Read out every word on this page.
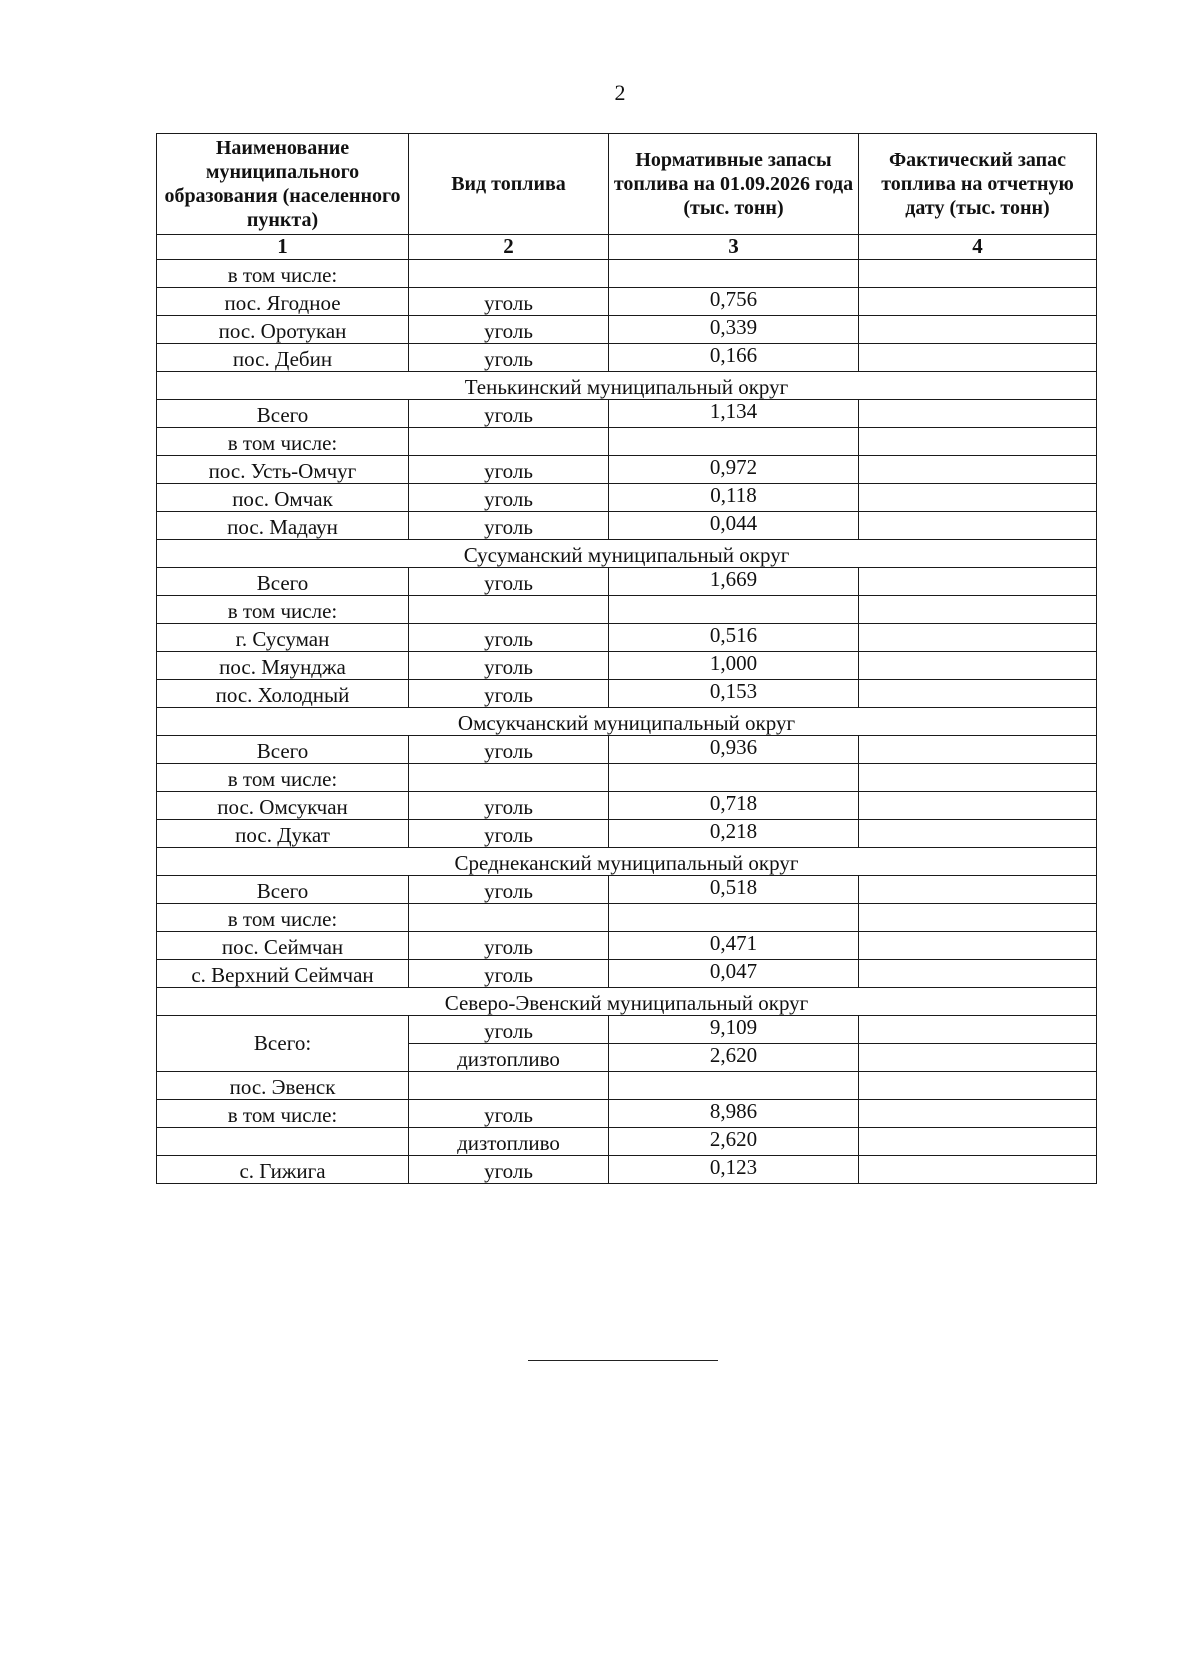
2
Наименование муниципального образования (населенного пункта)	Вид топлива	Нормативные запасы топлива на 01.09.2026 года (тыс. тонн)	Фактический запас топлива на отчетную дату (тыс. тонн)
1	2	3	4
в том числе:			
пос. Ягодное	уголь	0,756	
пос. Оротукан	уголь	0,339	
пос. Дебин	уголь	0,166	
Тенькинский муниципальный округ			
Всего	уголь	1,134	
в том числе:			
пос. Усть-Омчуг	уголь	0,972	
пос. Омчак	уголь	0,118	
пос. Мадаун	уголь	0,044	
Сусуманский муниципальный округ			
Всего	уголь	1,669	
в том числе:			
г. Сусуман	уголь	0,516	
пос. Мяунджа	уголь	1,000	
пос. Холодный	уголь	0,153	
Омсукчанский муниципальный округ			
Всего	уголь	0,936	
в том числе:			
пос. Омсукчан	уголь	0,718	
пос. Дукат	уголь	0,218	
Среднеканский муниципальный округ			
Всего	уголь	0,518	
в том числе:			
пос. Сеймчан	уголь	0,471	
с. Верхний Сеймчан	уголь	0,047	
Северо-Эвенский муниципальный округ			
Всего:	уголь	9,109	
	дизтопливо	2,620	
пос. Эвенск			
в том числе:	уголь	8,986	
	дизтопливо	2,620	
с. Гижига	уголь	0,123	
